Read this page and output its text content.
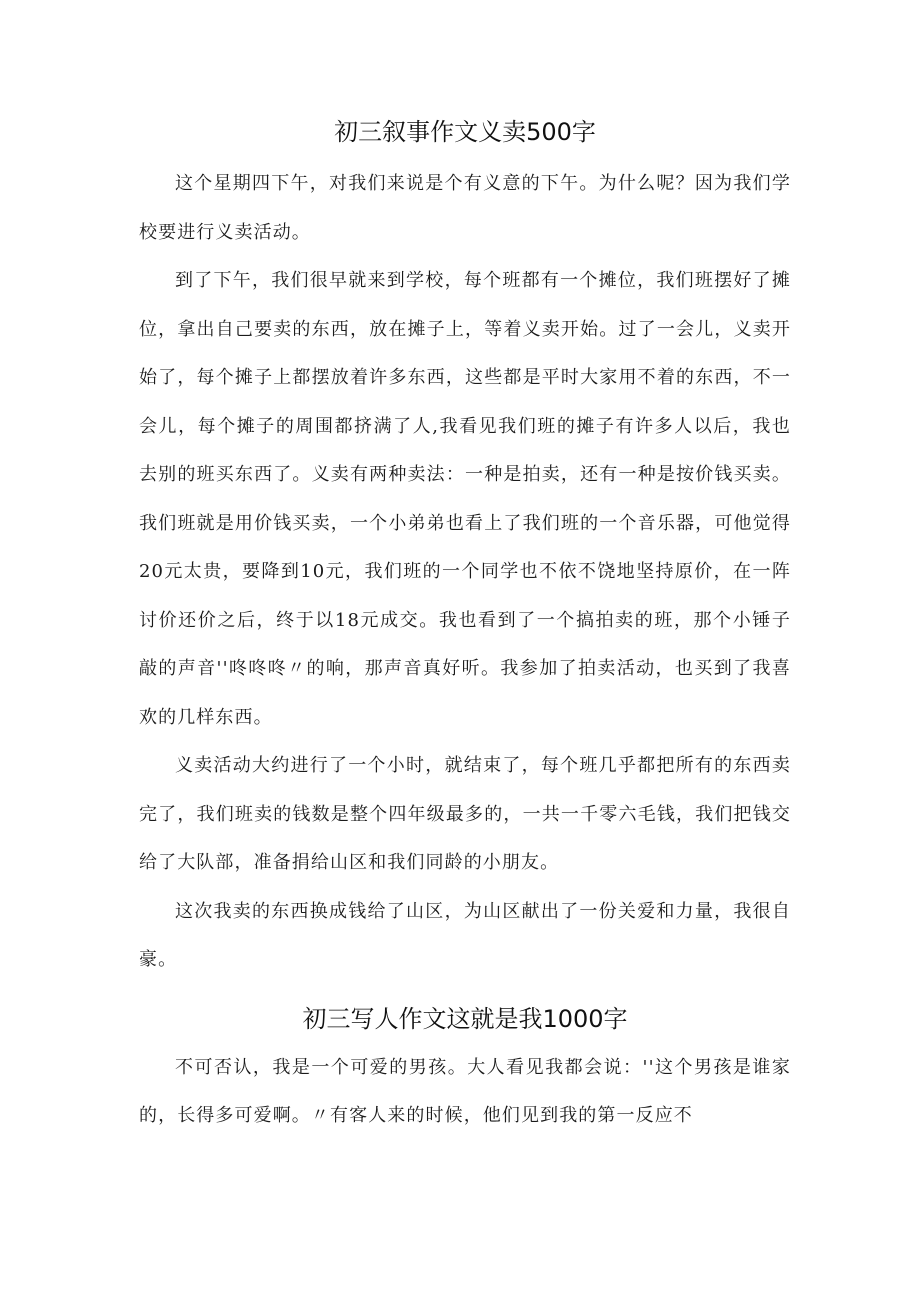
初三叙事作文义卖500字

这个星期四下午，对我们来说是个有义意的下午。为什么呢？因为我们学校要进行义卖活动。

到了下午，我们很早就来到学校，每个班都有一个摊位，我们班摆好了摊位，拿出自己要卖的东西，放在摊子上，等着义卖开始。过了一会儿，义卖开始了，每个摊子上都摆放着许多东西，这些都是平时大家用不着的东西，不一会儿，每个摊子的周围都挤满了人,我看见我们班的摊子有许多人以后，我也去别的班买东西了。义卖有两种卖法：一种是拍卖，还有一种是按价钱买卖。我们班就是用价钱买卖，一个小弟弟也看上了我们班的一个音乐器，可他觉得20元太贵，要降到10元，我们班的一个同学也不依不饶地坚持原价，在一阵讨价还价之后，终于以18元成交。我也看到了一个搞拍卖的班，那个小锤子敲的声音''咚咚咚〃的响，那声音真好听。我参加了拍卖活动，也买到了我喜欢的几样东西。

义卖活动大约进行了一个小时，就结束了，每个班几乎都把所有的东西卖完了，我们班卖的钱数是整个四年级最多的，一共一千零六毛钱，我们把钱交给了大队部，准备捐给山区和我们同龄的小朋友。

这次我卖的东西换成钱给了山区，为山区献出了一份关爱和力量，我很自豪。

初三写人作文这就是我1000字

不可否认，我是一个可爱的男孩。大人看见我都会说：''这个男孩是谁家的，长得多可爱啊。〃有客人来的时候，他们见到我的第一反应不
